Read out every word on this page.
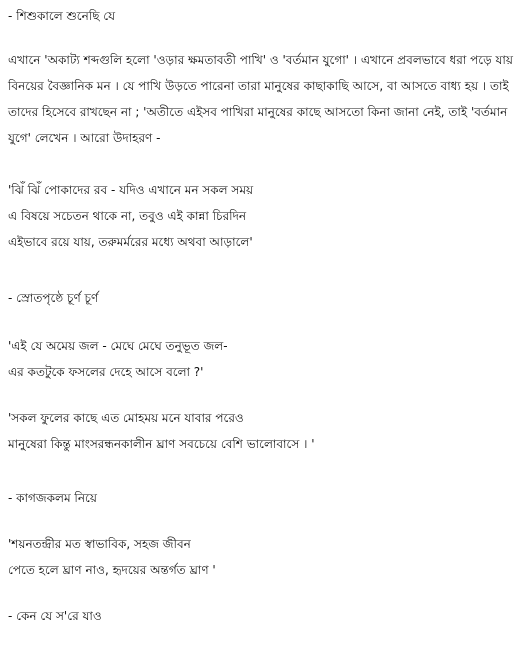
- শিশুকালে শুনেছি যে

এখানে 'অকাট্য শব্দগুলি হলো 'ওড়ার ক্ষমতাবতী পাখি' ও 'বর্তমান যুগো' । এখানে প্রবলভাবে ধরা পড়ে যায়

বিনয়ের বৈজ্ঞানিক মন । যে পাখি উড়তে পারেনা তারা মানুষের কাছাকাছি আসে, বা আসতে বাধ্য হয় । তাই

তাদের হিসেবে রাখছেন না ; 'অতীতে এইসব পাখিরা মানুষের কাছে আসতো কিনা জানা নেই, তাই 'বর্তমান

যুগে' লেখেন । আরো উদাহরণ -

'ঝিঁ ঝিঁ পোকাদের রব - যদিও এখানে মন সকল সময়

এ বিষয়ে সচেতন থাকে না, তবুও এই কান্না চিরদিন

এইভাবে রয়ে যায়, তরুমর্মরের মধ্যে অথবা আড়ালে'

- স্রোতপৃষ্ঠে চূর্ণ চূর্ণ

'এই যে অমেয় জল - মেঘে মেঘে তনুভূত জল-

এর কতটুকে ফসলের দেহে আসে বলো ?'

'সকল ফুলের কাছে এত মোহময় মনে যাবার পরেও

মানুষেরা কিন্তু মাংসরন্ধনকালীন ঘ্রাণ সবচেয়ে বেশি ভালোবাসে । '

- কাগজকলম নিয়ে

'শয়নতন্দ্রীর মত স্বাভাবিক, সহজ জীবন

পেতে হলে ঘ্রাণ নাও, হৃদয়ের অন্তর্গত ঘ্রাণ '

- কেন যে স'রে যাও
